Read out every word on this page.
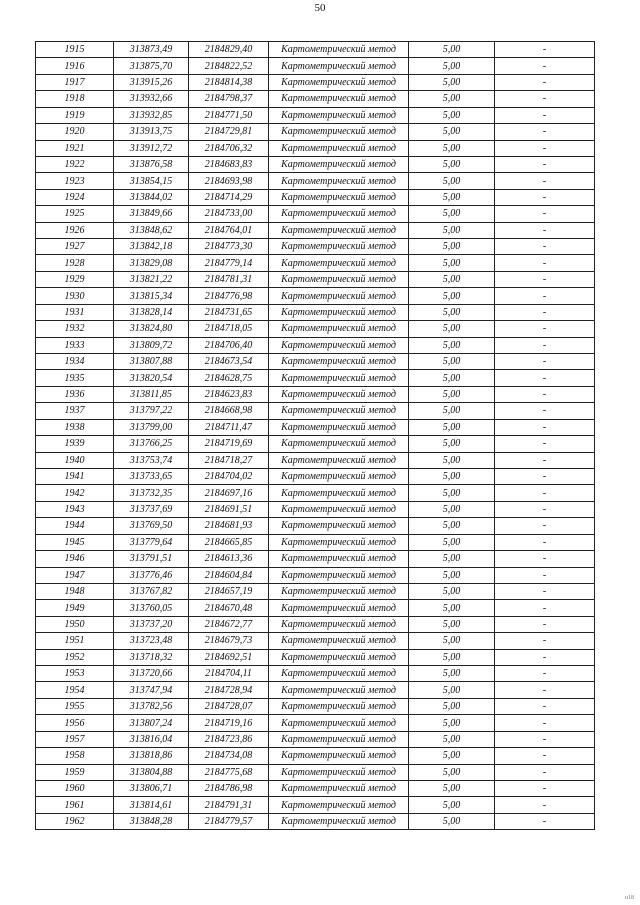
50
1915	313873,49	2184829,40	Картометрический метод	5,00	-
1916	313875,70	2184822,52	Картометрический метод	5,00	-
1917	313915,26	2184814,38	Картометрический метод	5,00	-
1918	313932,66	2184798,37	Картометрический метод	5,00	-
1919	313932,85	2184771,50	Картометрический метод	5,00	-
1920	313913,75	2184729,81	Картометрический метод	5,00	-
1921	313912,72	2184706,32	Картометрический метод	5,00	-
1922	313876,58	2184683,83	Картометрический метод	5,00	-
1923	313854,15	2184693,98	Картометрический метод	5,00	-
1924	313844,02	2184714,29	Картометрический метод	5,00	-
1925	313849,66	2184733,00	Картометрический метод	5,00	-
1926	313848,62	2184764,01	Картометрический метод	5,00	-
1927	313842,18	2184773,30	Картометрический метод	5,00	-
1928	313829,08	2184779,14	Картометрический метод	5,00	-
1929	313821,22	2184781,31	Картометрический метод	5,00	-
1930	313815,34	2184776,98	Картометрический метод	5,00	-
1931	313828,14	2184731,65	Картометрический метод	5,00	-
1932	313824,80	2184718,05	Картометрический метод	5,00	-
1933	313809,72	2184706,40	Картометрический метод	5,00	-
1934	313807,88	2184673,54	Картометрический метод	5,00	-
1935	313820,54	2184628,75	Картометрический метод	5,00	-
1936	313811,85	2184623,83	Картометрический метод	5,00	-
1937	313797,22	2184668,98	Картометрический метод	5,00	-
1938	313799,00	2184711,47	Картометрический метод	5,00	-
1939	313766,25	2184719,69	Картометрический метод	5,00	-
1940	313753,74	2184718,27	Картометрический метод	5,00	-
1941	313733,65	2184704,02	Картометрический метод	5,00	-
1942	313732,35	2184697,16	Картометрический метод	5,00	-
1943	313737,69	2184691,51	Картометрический метод	5,00	-
1944	313769,50	2184681,93	Картометрический метод	5,00	-
1945	313779,64	2184665,85	Картометрический метод	5,00	-
1946	313791,51	2184613,36	Картометрический метод	5,00	-
1947	313776,46	2184604,84	Картометрический метод	5,00	-
1948	313767,82	2184657,19	Картометрический метод	5,00	-
1949	313760,05	2184670,48	Картометрический метод	5,00	-
1950	313737,20	2184672,77	Картометрический метод	5,00	-
1951	313723,48	2184679,73	Картометрический метод	5,00	-
1952	313718,32	2184692,51	Картометрический метод	5,00	-
1953	313720,66	2184704,11	Картометрический метод	5,00	-
1954	313747,94	2184728,94	Картометрический метод	5,00	-
1955	313782,56	2184728,07	Картометрический метод	5,00	-
1956	313807,24	2184719,16	Картометрический метод	5,00	-
1957	313816,04	2184723,86	Картометрический метод	5,00	-
1958	313818,86	2184734,08	Картометрический метод	5,00	-
1959	313804,88	2184775,68	Картометрический метод	5,00	-
1960	313806,71	2184786,98	Картометрический метод	5,00	-
1961	313814,61	2184791,31	Картометрический метод	5,00	-
1962	313848,28	2184779,57	Картометрический метод	5,00	-
u18
